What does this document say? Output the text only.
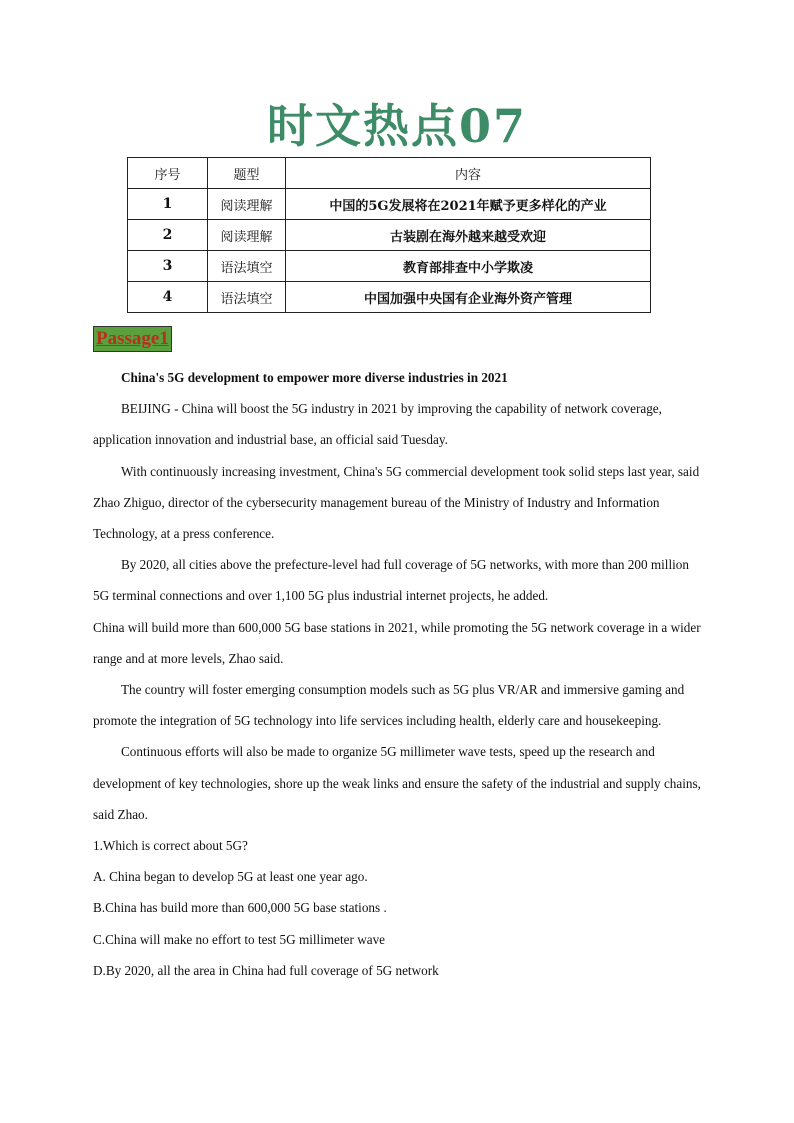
时文热点07
序号	题型	内容
1	阅读理解	中国的5G发展将在2021年赋予更多样化的产业
2	阅读理解	古装剧在海外越来越受欢迎
3	语法填空	教育部排查中小学欺凌
4	语法填空	中国加强中央国有企业海外资产管理
Passage1

China's 5G development to empower more diverse industries in 2021

BEIJING - China will boost the 5G industry in 2021 by improving the capability of network coverage, application innovation and industrial base, an official said Tuesday.

With continuously increasing investment, China's 5G commercial development took solid steps last year, said Zhao Zhiguo, director of the cybersecurity management bureau of the Ministry of Industry and Information Technology, at a press conference.

By 2020, all cities above the prefecture-level had full coverage of 5G networks, with more than 200 million 5G terminal connections and over 1,100 5G plus industrial internet projects, he added.

China will build more than 600,000 5G base stations in 2021, while promoting the 5G network coverage in a wider range and at more levels, Zhao said.

The country will foster emerging consumption models such as 5G plus VR/AR and immersive gaming and promote the integration of 5G technology into life services including health, elderly care and housekeeping.

Continuous efforts will also be made to organize 5G millimeter wave tests, speed up the research and development of key technologies, shore up the weak links and ensure the safety of the industrial and supply chains, said Zhao.

1.Which is correct about 5G?

A. China began to develop 5G at least one year ago.

B.China has build more than 600,000 5G base stations .

C.China will make no effort to test 5G millimeter wave

D.By 2020, all the area in China had full coverage of 5G network
